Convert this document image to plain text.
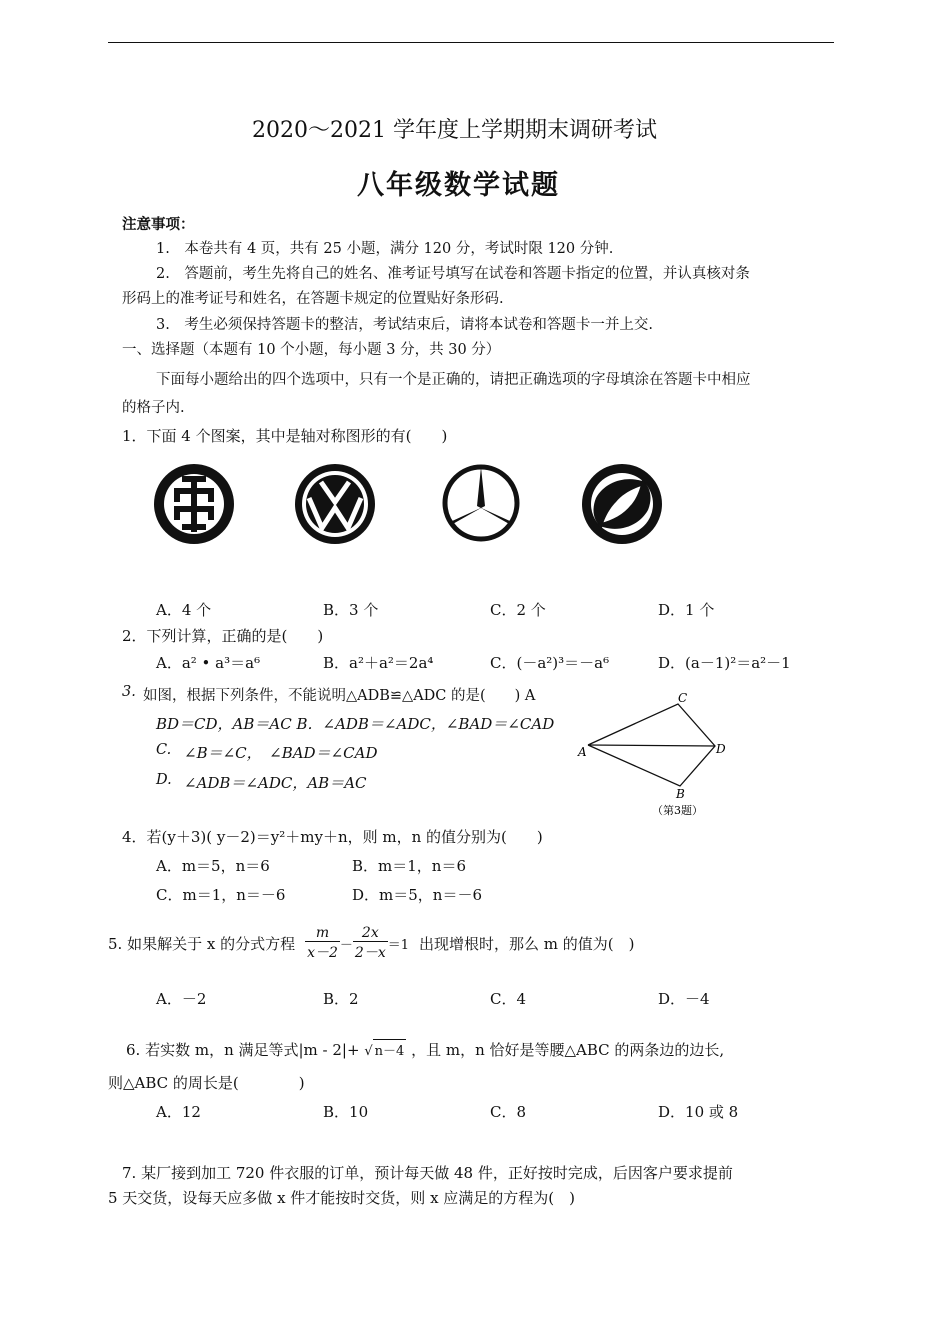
2020～2021 学年度上学期期末调研考试
八年级数学试题
注意事项：
1.　本卷共有 4 页，共有 25 小题，满分 120 分，考试时限 120 分钟.
2.　答题前，考生先将自己的姓名、准考证号填写在试卷和答题卡指定的位置，并认真核对条
形码上的准考证号和姓名，在答题卡规定的位置贴好条形码.
3.　考生必须保持答题卡的整洁，考试结束后，请将本试卷和答题卡一并上交.
一、选择题（本题有 10 个小题，每小题 3 分，共 30 分）
下面每小题给出的四个选项中，只有一个是正确的，请把正确选项的字母填涂在答题卡中相应
的格子内.
1．下面 4 个图案，其中是轴对称图形的有(　　)
A．4 个	B．3 个	C．2 个	D．1 个
2．下列计算，正确的是(　　)
A．a² • a³＝a⁶	B．a²＋a²＝2a⁴	C．(－a²)³＝－a⁶	D．(a－1)²＝a²－1
3. 如图，根据下列条件，不能说明△ADB≌△ADC 的是(　　) A
BD＝CD，AB＝AC B．∠ADB＝∠ADC，∠BAD＝∠CAD
C. ∠B＝∠C，　∠BAD＝∠CAD
D. ∠ADB＝∠ADC，AB＝AC
A
B
C
D
（第3题）
4．若(y＋3)( y－2)＝y²＋my＋n，则 m，n 的值分别为(　　)
A．m＝5，n＝6	B．m＝1，n＝6
C．m＝1，n＝－6	D．m＝5，n＝－6
5. 如果解关于 x 的分式方程 $\frac{m}{x-2} - \frac{2x}{2-x} =1$ 出现增根时，那么 m 的值为(　)
A．－2	B．2	C．4	D．－4
6. 若实数 m，n 满足等式|m - 2|+ √ n－4 ，且 m，n 恰好是等腰△ABC 的两条边的边长,
则△ABC 的周长是(　　　　)
A．12	B．10	C．8	D．10 或 8
7. 某厂接到加工 720 件衣服的订单，预计每天做 48 件，正好按时完成，后因客户要求提前
5 天交货，设每天应多做 x 件才能按时交货，则 x 应满足的方程为(　)
